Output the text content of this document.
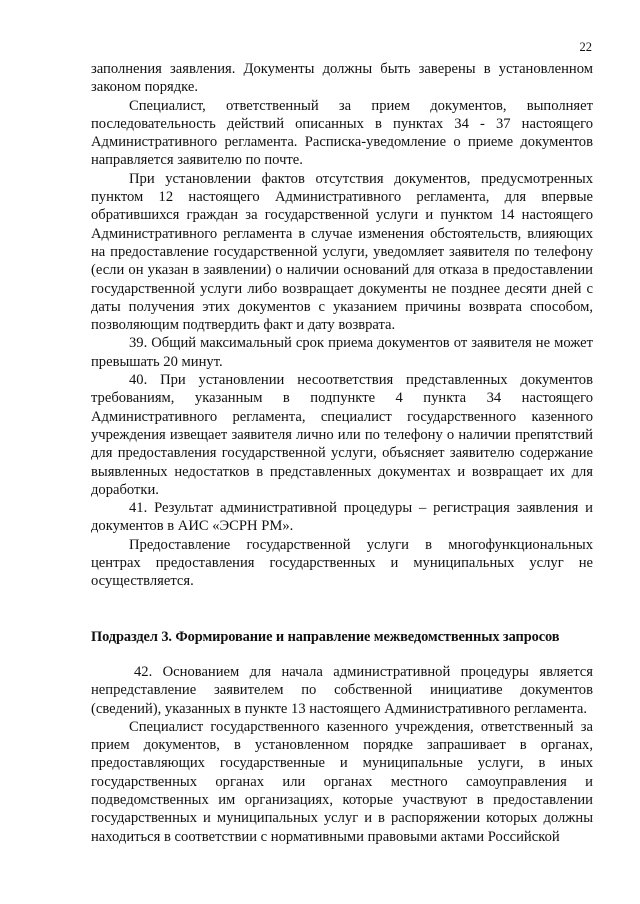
22

заполнения заявления. Документы должны быть заверены в установленном законом порядке.

Специалист, ответственный за прием документов, выполняет последовательность действий описанных в пунктах 34 - 37 настоящего Административного регламента. Расписка-уведомление о приеме документов направляется заявителю по почте.

При установлении фактов отсутствия документов, предусмотренных пунктом 12 настоящего Административного регламента, для впервые обратившихся граждан за государственной услуги и пунктом 14 настоящего Административного регламента в случае изменения обстоятельств, влияющих на предоставление государственной услуги, уведомляет заявителя по телефону (если он указан в заявлении) о наличии оснований для отказа в предоставлении государственной услуги либо возвращает документы не позднее десяти дней с даты получения этих документов с указанием причины возврата способом, позволяющим подтвердить факт и дату возврата.

39. Общий максимальный срок приема документов от заявителя не может превышать 20 минут.

40. При установлении несоответствия представленных документов требованиям, указанным в подпункте 4 пункта 34 настоящего Административного регламента, специалист государственного казенного учреждения извещает заявителя лично или по телефону о наличии препятствий для предоставления государственной услуги, объясняет заявителю содержание выявленных недостатков в представленных документах и возвращает их для доработки.

41. Результат административной процедуры – регистрация заявления и документов в АИС «ЭСРН РМ».

Предоставление государственной услуги в многофункциональных центрах предоставления государственных и муниципальных услуг не осуществляется.

Подраздел 3. Формирование и направление межведомственных запросов

42. Основанием для начала административной процедуры является непредставление заявителем по собственной инициативе документов (сведений), указанных в пункте 13 настоящего Административного регламента.

Специалист государственного казенного учреждения, ответственный за прием документов, в установленном порядке запрашивает в органах, предоставляющих государственные и муниципальные услуги, в иных государственных органах или органах местного самоуправления и подведомственных им организациях, которые участвуют в предоставлении государственных и муниципальных услуг и в распоряжении которых должны находиться в соответствии с нормативными правовыми актами Российской
